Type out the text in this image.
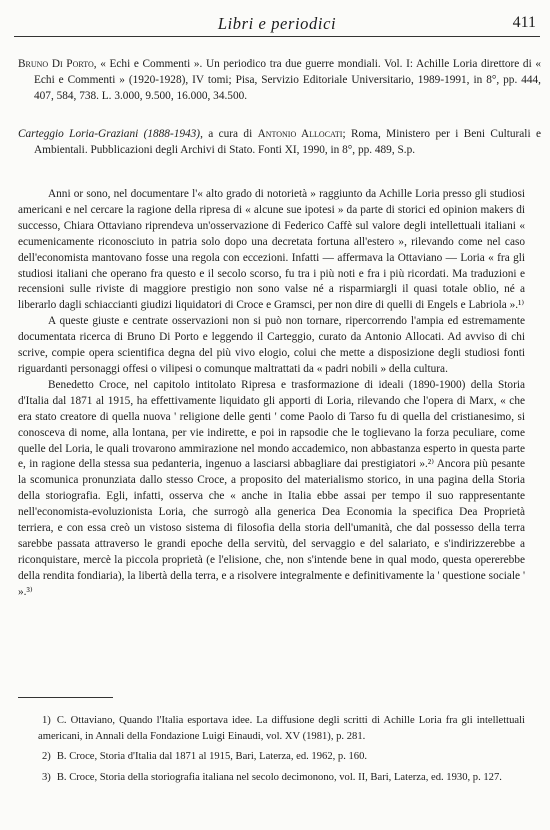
Libri e periodici	411
Bruno Di Porto, « Echi e Commenti ». Un periodico tra due guerre mondiali. Vol. I: Achille Loria direttore di « Echi e Commenti » (1920-1928), IV tomi; Pisa, Servizio Editoriale Universitario, 1989-1991, in 8°, pp. 444, 407, 584, 738. L. 3.000, 9.500, 16.000, 34.500.
Carteggio Loria-Graziani (1888-1943), a cura di Antonio Allocati; Roma, Ministero per i Beni Culturali e Ambientali. Pubblicazioni degli Archivi di Stato. Fonti XI, 1990, in 8°, pp. 489, S.p.

Anni or sono, nel documentare l'« alto grado di notorietà » raggiunto da Achille Loria presso gli studiosi americani e nel cercare la ragione della ripresa di « alcune sue ipotesi » da parte di storici ed opinion makers di successo, Chiara Ottaviano riprendeva un'osservazione di Federico Caffè sul valore degli intellettuali italiani « ecumenicamente riconosciuto in patria solo dopo una decretata fortuna all'estero », rilevando come nel caso dell'economista mantovano fosse una regola con eccezioni. Infatti — affermava la Ottaviano — Loria « fra gli studiosi italiani che operano fra questo e il secolo scorso, fu tra i più noti e fra i più ricordati. Ma traduzioni e recensioni sulle riviste di maggiore prestigio non sono valse né a risparmiargli il quasi totale oblio, né a liberarlo dagli schiaccianti giudizi liquidatori di Croce e Gramsci, per non dire di quelli di Engels e Labriola ».¹⁾

A queste giuste e centrate osservazioni non si può non tornare, ripercorrendo l'ampia ed estremamente documentata ricerca di Bruno Di Porto e leggendo il Carteggio, curato da Antonio Allocati. Ad avviso di chi scrive, compie opera scientifica degna del più vivo elogio, colui che mette a disposizione degli studiosi fonti riguardanti personaggi offesi o vilipesi o comunque maltrattati da « padri nobili » della cultura.

Benedetto Croce, nel capitolo intitolato Ripresa e trasformazione di ideali (1890-1900) della Storia d'Italia dal 1871 al 1915, ha effettivamente liquidato gli apporti di Loria, rilevando che l'opera di Marx, « che era stato creatore di quella nuova ' religione delle genti ' come Paolo di Tarso fu di quella del cristianesimo, si conosceva di nome, alla lontana, per vie indirette, e poi in rapsodie che le toglievano la forza peculiare, come quelle del Loria, le quali trovarono ammirazione nel mondo accademico, non abbastanza esperto in questa parte e, in ragione della stessa sua pedanteria, ingenuo a lasciarsi abbagliare dai prestigiatori ».²⁾ Ancora più pesante la scomunica pronunziata dallo stesso Croce, a proposito del materialismo storico, in una pagina della Storia della storiografia. Egli, infatti, osserva che « anche in Italia ebbe assai per tempo il suo rappresentante nell'economista-evoluzionista Loria, che surrogò alla generica Dea Economia la specifica Dea Proprietà terriera, e con essa creò un vistoso sistema di filosofia della storia dell'umanità, che dal possesso della terra sarebbe passata attraverso le grandi epoche della servitù, del servaggio e del salariato, e s'indirizzerebbe a riconquistare, mercè la piccola proprietà (e l'elisione, che, non s'intende bene in qual modo, questa opererebbe della rendita fondiaria), la libertà della terra, e a risolvere integralmente e definitivamente la ' questione sociale ' ».³⁾

1) C. Ottaviano, Quando l'Italia esportava idee. La diffusione degli scritti di Achille Loria fra gli intellettuali americani, in Annali della Fondazione Luigi Einaudi, vol. XV (1981), p. 281.
2) B. Croce, Storia d'Italia dal 1871 al 1915, Bari, Laterza, ed. 1962, p. 160.
3) B. Croce, Storia della storiografia italiana nel secolo decimonono, vol. II, Bari, Laterza, ed. 1930, p. 127.
